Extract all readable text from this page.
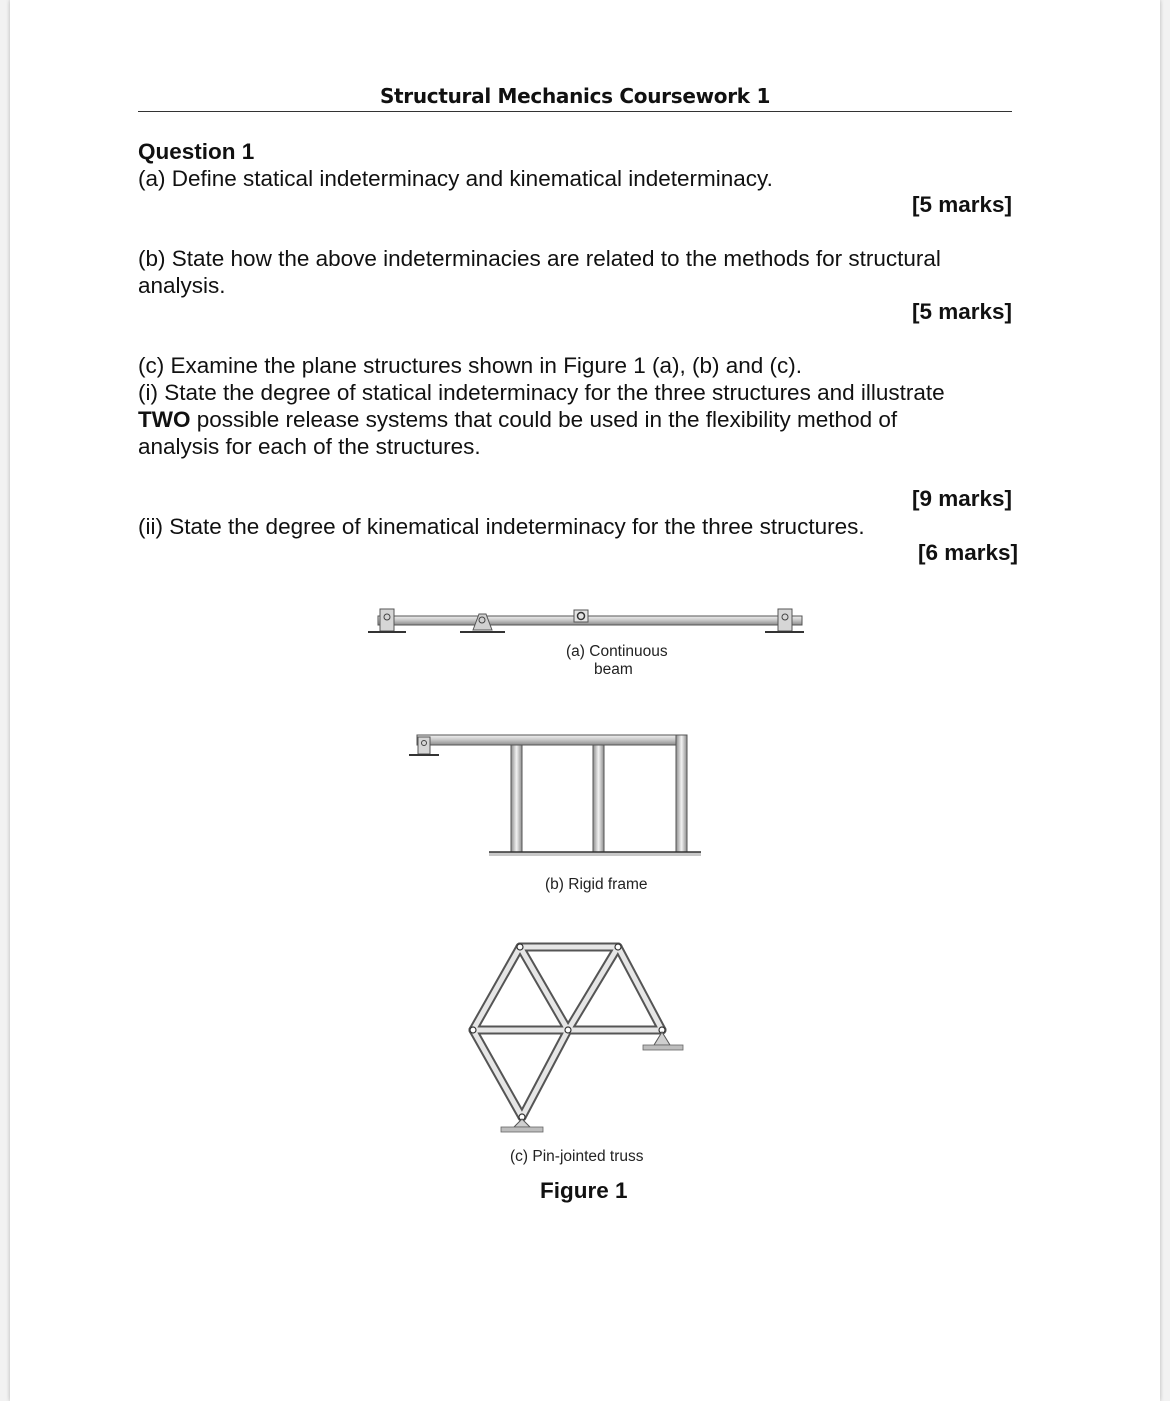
Structural Mechanics Coursework 1
Question 1
(a) Define statical indeterminacy and kinematical indeterminacy.
[5 marks]
(b) State how the above indeterminacies are related to the methods for structural
analysis.
[5 marks]
(c) Examine the plane structures shown in Figure 1 (a), (b) and (c).
(i) State the degree of statical indeterminacy for the three structures and illustrate
TWO possible release systems that could be used in the flexibility method of
analysis for each of the structures.
[9 marks]
(ii) State the degree of kinematical indeterminacy for the three structures.
[6 marks]
(a) Continuous
beam
(b) Rigid frame
(c) Pin-jointed truss
Figure 1
